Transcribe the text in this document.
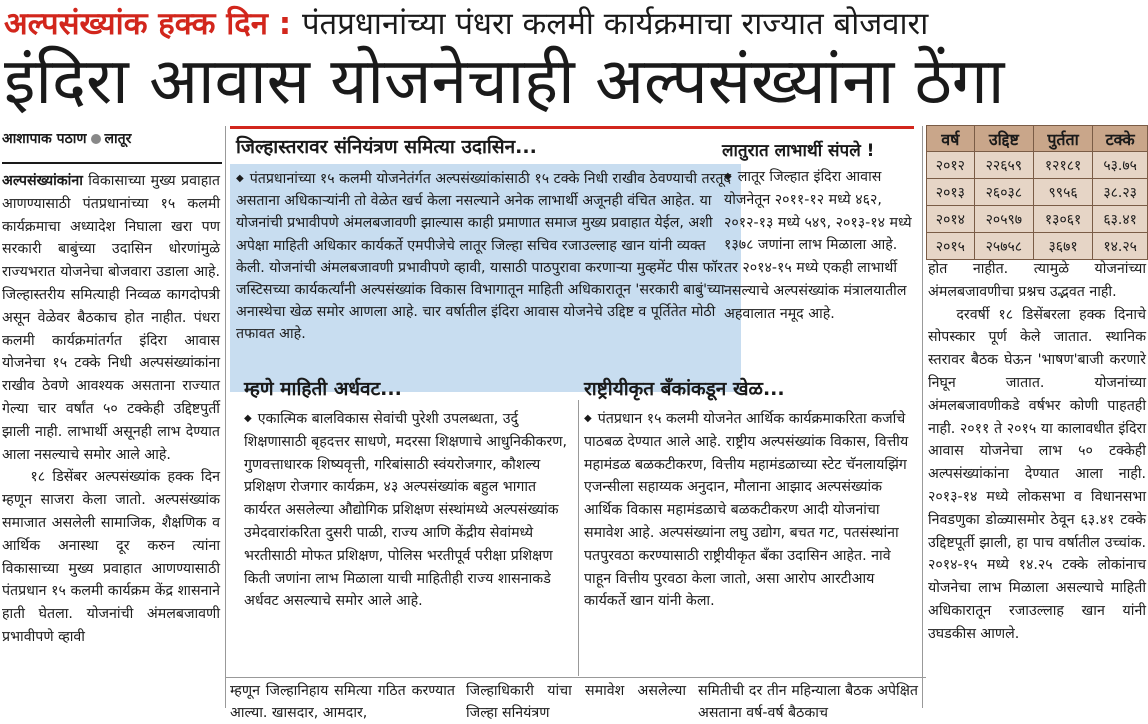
अल्पसंख्यांक हक्क दिन : पंतप्रधानांच्या पंधरा कलमी कार्यक्रमाचा राज्यात बोजवारा
इंदिरा आवास योजनेचाही अल्पसंख्यांना ठेंगा
आशापाक पठाण लातूर

अल्पसंख्यांकांना विकासाच्या मुख्य प्रवाहात आणण्यासाठी पंतप्रधानांच्या १५ कलमी कार्यक्रमाचा अध्यादेश निघाला खरा पण सरकारी बाबुंच्या उदासिन धोरणांमुळे राज्यभरात योजनेचा बोजवारा उडाला आहे. जिल्हास्तरीय समित्याही निव्वळ कागदोपत्री असून वेळेवर बैठकाच होत नाहीत. पंधरा कलमी कार्यक्रमांतर्गत इंदिरा आवास योजनेचा १५ टक्के निधी अल्पसंख्यांकांना राखीव ठेवणे आवश्यक असताना राज्यात गेल्या चार वर्षांत ५० टक्केही उद्दिष्टपुर्ती झाली नाही. लाभार्थी असूनही लाभ देण्यात आला नसल्याचे समोर आले आहे.

१८ डिसेंबर अल्पसंख्यांक हक्क दिन म्हणून साजरा केला जातो. अल्पसंख्यांक समाजात असलेली सामाजिक, शैक्षणिक व आर्थिक अनास्था दूर करुन त्यांना विकासाच्या मुख्य प्रवाहात आणण्यासाठी पंतप्रधान १५ कलमी कार्यक्रम केंद्र शासनाने हाती घेतला. योजनांची अंमलबजावणी प्रभावीपणे व्हावी

जिल्हास्तरावर संनियंत्रण समित्या उदासिन...

◆ पंतप्रधानांच्या १५ कलमी योजनेतंर्गत अल्पसंख्यांकांसाठी १५ टक्के निधी राखीव ठेवण्याची तरतूद असताना अधिकाऱ्यांनी तो वेळेत खर्च केला नसल्याने अनेक लाभार्थी अजूनही वंचित आहेत. या योजनांची प्रभावीपणे अंमलबजावणी झाल्यास काही प्रमाणात समाज मुख्य प्रवाहात येईल, अशी अपेक्षा माहिती अधिकार कार्यकर्ते एमपीजेचे लातूर जिल्हा सचिव रजाउल्लाह खान यांनी व्यक्त केली. योजनांची अंमलबजावणी प्रभावीपणे व्हावी, यासाठी पाठपुरावा करणाऱ्या मुव्हमेंट पीस फॉर जस्टिसच्या कार्यकर्त्यांनी अल्पसंख्यांक विकास विभागातून माहिती अधिकारातून 'सरकारी बाबुं'च्या अनास्थेचा खेळ समोर आणला आहे. चार वर्षातील इंदिरा आवास योजनेचे उद्दिष्ट व पूर्तितेत मोठी तफावत आहे.

लातुरात लाभार्थी संपले !

◆ लातूर जिल्हात इंदिरा आवास योजनेतून २०११-१२ मध्ये ४६२, २०१२-१३ मध्ये ५४९, २०१३-१४ मध्ये १३७८ जणांना लाभ मिळाला आहे. तर २०१४-१५ मध्ये एकही लाभार्थी नसल्याचे अल्पसंख्यांक मंत्रालयातील अहवालात नमूद आहे.

वर्ष	उद्दिष्ट	पुर्तता	टक्के
२०१२	२२६५९	१२१८१	५३.७५
२०१३	२६०३८	९९५६	३८.२३
२०१४	२०५९७	१३०६१	६३.४१
२०१५	२५७५८	३६७१	१४.२५

होत नाहीत. त्यामुळे योजनांच्या अंमलबजावणीचा प्रश्नच उद्भवत नाही.

दरवर्षी १८ डिसेंबरला हक्क दिनाचे सोपस्कार पूर्ण केले जातात. स्थानिक स्तरावर बैठक घेऊन 'भाषण'बाजी करणारे निघून जातात. योजनांच्या अंमलबजावणीकडे वर्षभर कोणी पाहतही नाही. २०११ ते २०१५ या कालावधीत इंदिरा आवास योजनेचा लाभ ५० टक्केही अल्पसंख्यांकांना देण्यात आला नाही. २०१३-१४ मध्ये लोकसभा व विधानसभा निवडणुका डोळ्यासमोर ठेवून ६३.४१ टक्के उद्दिष्टपूर्ती झाली, हा पाच वर्षातील उच्चांक. २०१४-१५ मध्ये १४.२५ टक्के लोकांनाच योजनेचा लाभ मिळाला असल्याचे माहिती अधिकारातून रजाउल्लाह खान यांनी उघडकीस आणले.

म्हणे माहिती अर्धवट...

◆ एकात्मिक बालविकास सेवांची पुरेशी उपलब्धता, उर्दु शिक्षणासाठी बृहदत्तर साधणे, मदरसा शिक्षणाचे आधुनिकीकरण, गुणवत्ताधारक शिष्यवृत्ती, गरिबांसाठी स्वंयरोजगार, कौशल्य प्रशिक्षण रोजगार कार्यक्रम, ४३ अल्पसंख्यांक बहुल भागात कार्यरत असलेल्या औद्योगिक प्रशिक्षण संस्थांमध्ये अल्पसंख्यांक उमेदवारांकरिता दुसरी पाळी, राज्य आणि केंद्रीय सेवांमध्ये भरतीसाठी मोफत प्रशिक्षण, पोलिस भरतीपूर्व परीक्षा प्रशिक्षण किती जणांना लाभ मिळाला याची माहितीही राज्य शासनाकडे अर्धवट असल्याचे समोर आले आहे.

राष्ट्रीयीकृत बँकांकडून खेळ...

◆ पंतप्रधान १५ कलमी योजनेत आर्थिक कार्यक्रमाकरिता कर्जाचे पाठबळ देण्यात आले आहे. राष्ट्रीय अल्पसंख्यांक विकास, वित्तीय महामंडळ बळकटीकरण, वित्तीय महामंडळाच्या स्टेट चॅनलायझिंग एजन्सीला सहाय्यक अनुदान, मौलाना आझाद अल्पसंख्यांक आर्थिक विकास महामंडळाचे बळकटीकरण आदी योजनांचा समावेश आहे. अल्पसंख्यांना लघु उद्योग, बचत गट, पतसंस्थांना पतपुरवठा करण्यासाठी राष्ट्रीयीकृत बँका उदासिन आहेत. नावे पाहून वित्तीय पुरवठा केला जातो, असा आरोप आरटीआय कार्यकर्ते खान यांनी केला.

म्हणून जिल्हानिहाय समित्या गठित करण्यात आल्या. खासदार, आमदार,
जिल्हाधिकारी यांचा समावेश असलेल्या जिल्हा सनियंत्रण
समितीची दर तीन महिन्याला बैठक अपेक्षित असताना वर्ष-वर्ष बैठकाच
